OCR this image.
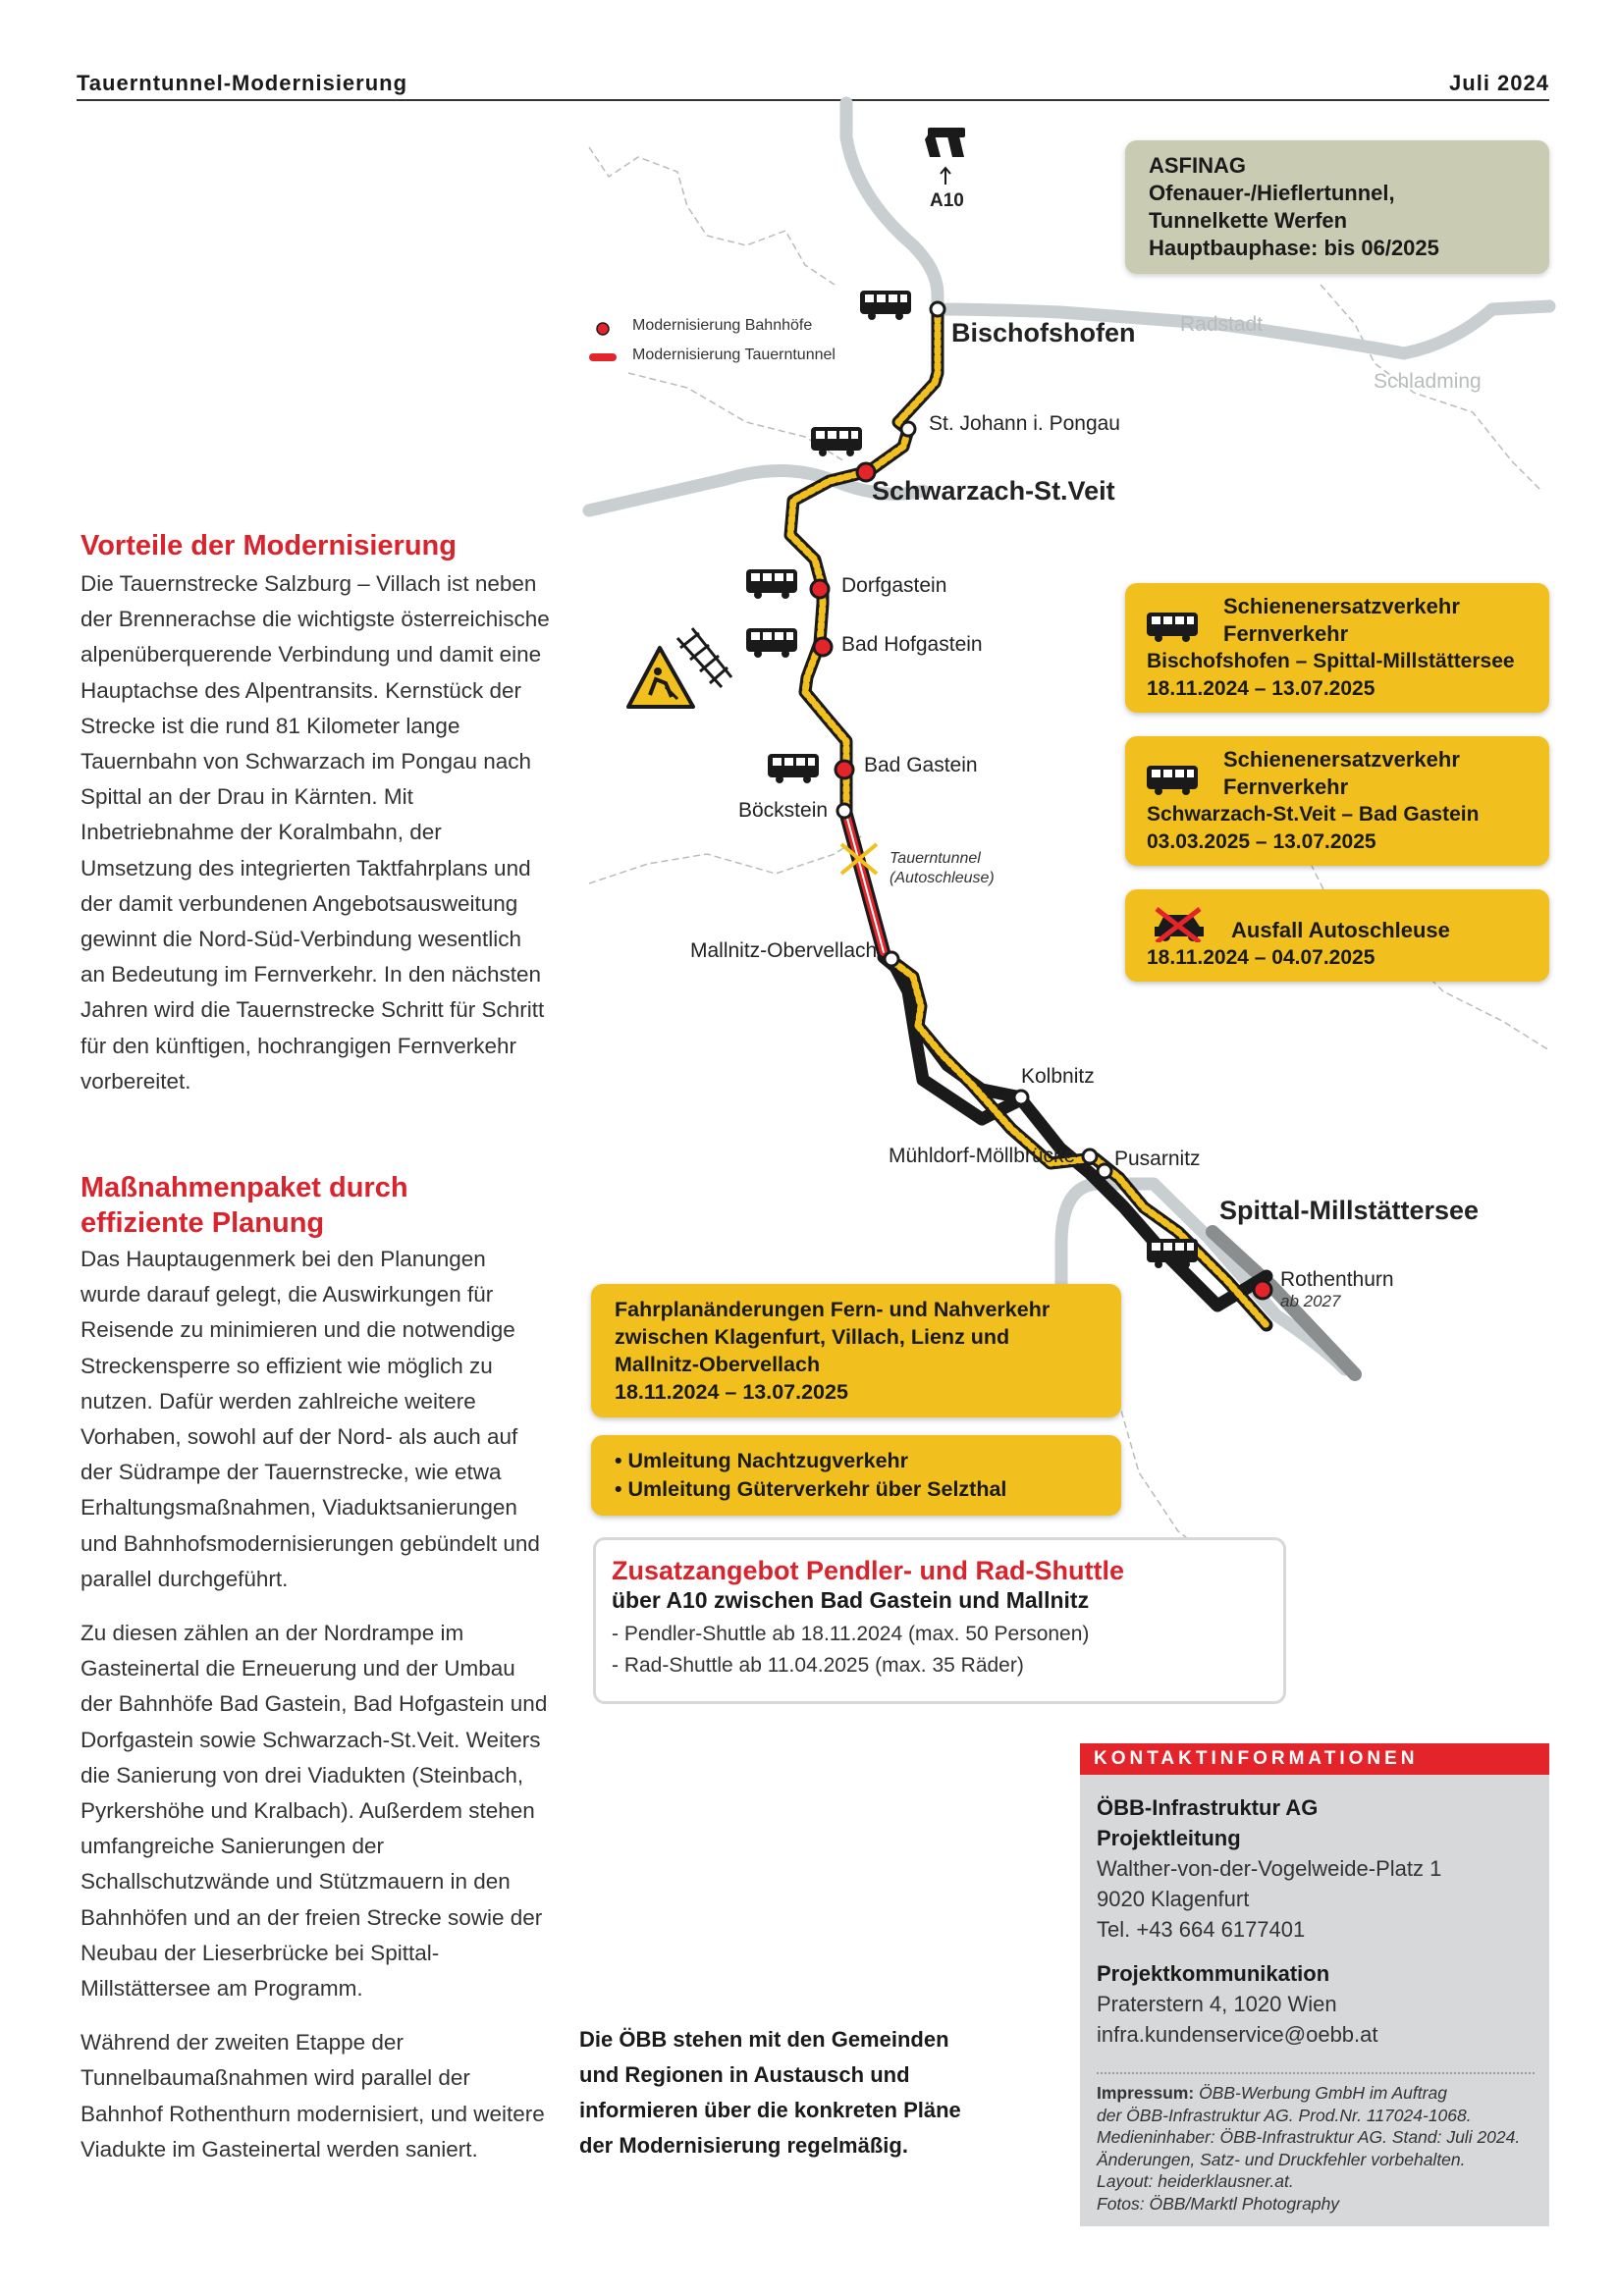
Tauerntunnel-Modernisierung	Juli 2024
A10
Modernisierung Bahnhöfe
Modernisierung Tauerntunnel
Bischofshofen
St. Johann i. Pongau
Schwarzach-St.Veit
Dorfgastein
Bad Hofgastein
Bad Gastein
Böckstein
Tauerntunnel
(Autoschleuse)
Mallnitz-Obervellach
Kolbnitz
Mühldorf-Möllbrücke Pusarnitz
Spittal-Millstättersee
Rothenthurn
ab 2027
Radstadt
Schladming
ASFINAG
Ofenauer-/Hieflertunnel,
Tunnelkette Werfen
Hauptbauphase: bis 06/2025
Schienenersatzverkehr
Fernverkehr
Bischofshofen – Spittal-Millstättersee
18.11.2024 – 13.07.2025
Schienenersatzverkehr
Fernverkehr
Schwarzach-St.Veit – Bad Gastein
03.03.2025 – 13.07.2025
Ausfall Autoschleuse
18.11.2024 – 04.07.2025
Fahrplanänderungen Fern- und Nahverkehr
zwischen Klagenfurt, Villach, Lienz und
Mallnitz-Obervellach
18.11.2024 – 13.07.2025
• Umleitung Nachtzugverkehr
• Umleitung Güterverkehr über Selzthal
Zusatzangebot Pendler- und Rad-Shuttle
über A10 zwischen Bad Gastein und Mallnitz
- Pendler-Shuttle ab 18.11.2024 (max. 50 Personen)
- Rad-Shuttle ab 11.04.2025 (max. 35 Räder)
Vorteile der Modernisierung

Die Tauernstrecke Salzburg – Villach ist neben der Brennerachse die wichtigste österreichische alpenüberquerende Verbindung und damit eine Hauptachse des Alpentransits. Kernstück der Strecke ist die rund 81 Kilometer lange Tauernbahn von Schwarzach im Pongau nach Spittal an der Drau in Kärnten. Mit Inbetriebnahme der Koralmbahn, der Umsetzung des integrierten Taktfahrplans und der damit verbundenen Angebotsausweitung gewinnt die Nord-Süd-Verbindung wesentlich an Bedeutung im Fernverkehr. In den nächsten Jahren wird die Tauernstrecke Schritt für Schritt für den künftigen, hochrangigen Fernverkehr vorbereitet.

Maßnahmenpaket durch
effiziente Planung

Das Hauptaugenmerk bei den Planungen wurde darauf gelegt, die Auswirkungen für Reisende zu minimieren und die notwendige Streckensperre so effizient wie möglich zu nutzen. Dafür werden zahlreiche weitere Vorhaben, sowohl auf der Nord- als auch auf der Südrampe der Tauernstrecke, wie etwa Erhaltungsmaßnahmen, Viaduktsanierungen und Bahnhofsmodernisierungen gebündelt und parallel durchgeführt.

Zu diesen zählen an der Nordrampe im Gasteinertal die Erneuerung und der Umbau der Bahnhöfe Bad Gastein, Bad Hofgastein und Dorfgastein sowie Schwarzach-St.Veit. Weiters die Sanierung von drei Viadukten (Steinbach, Pyrkershöhe und Kralbach). Außerdem stehen umfangreiche Sanierungen der Schallschutzwände und Stützmauern in den Bahnhöfen und an der freien Strecke sowie der Neubau der Lieserbrücke bei Spittal-Millstättersee am Programm.

Während der zweiten Etappe der Tunnelbaumaßnahmen wird parallel der Bahnhof Rothenthurn modernisiert, und weitere Viadukte im Gasteinertal werden saniert.

Die ÖBB stehen mit den Gemeinden
und Regionen in Austausch und
informieren über die konkreten Pläne
der Modernisierung regelmäßig.
KONTAKTINFORMATIONEN
ÖBB-Infrastruktur AG
Projektleitung
Walther-von-der-Vogelweide-Platz 1
9020 Klagenfurt
Tel. +43 664 6177401
Projektkommunikation
Praterstern 4, 1020 Wien
infra.kundenservice@oebb.at
Impressum: ÖBB-Werbung GmbH im Auftrag
der ÖBB-Infrastruktur AG. Prod.Nr. 117024-1068.
Medieninhaber: ÖBB-Infrastruktur AG. Stand: Juli 2024.
Änderungen, Satz- und Druckfehler vorbehalten.
Layout: heiderklausner.at.
Fotos: ÖBB/Marktl Photography
